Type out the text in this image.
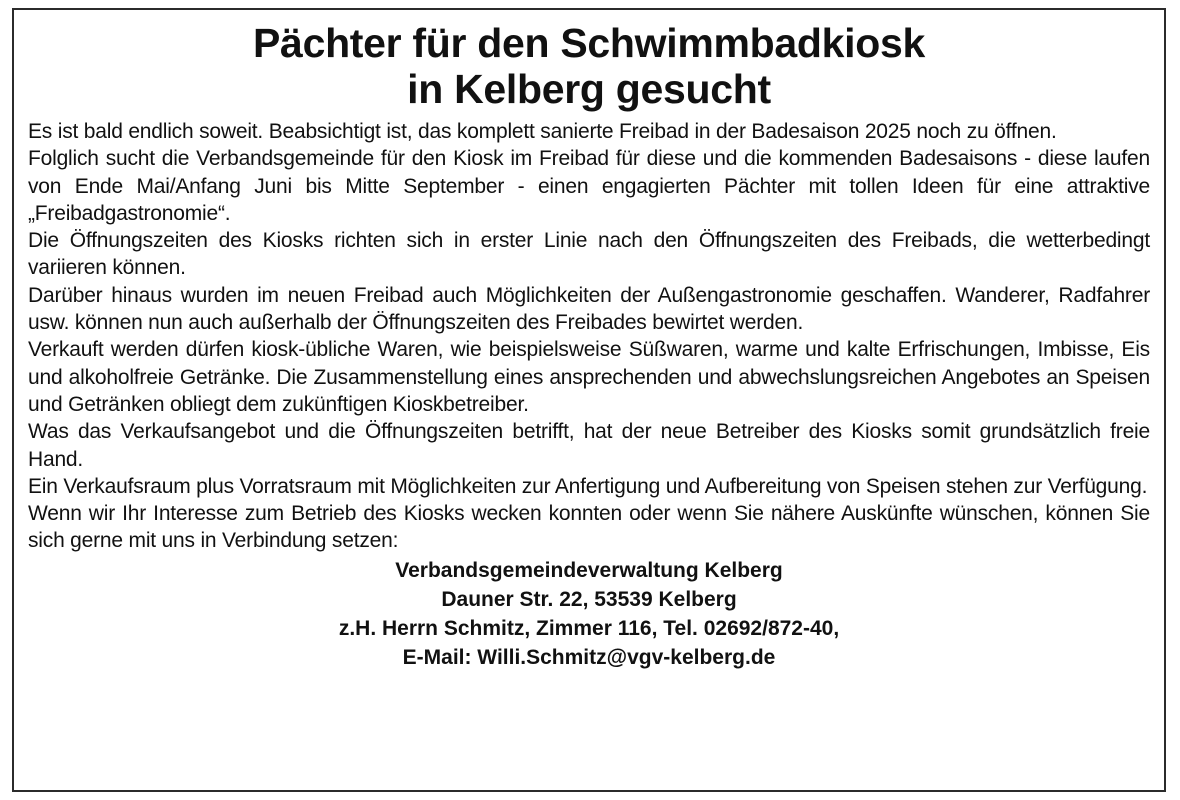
Pächter für den Schwimmbadkiosk
in Kelberg gesucht

Es ist bald endlich soweit. Beabsichtigt ist, das komplett sanierte Freibad in der Badesaison 2025 noch zu öffnen.

Folglich sucht die Verbandsgemeinde für den Kiosk im Freibad für diese und die kommenden Badesaisons - diese laufen von Ende Mai/Anfang Juni bis Mitte September - einen engagierten Pächter mit tollen Ideen für eine attraktive „Freibadgastronomie“.

Die Öffnungszeiten des Kiosks richten sich in erster Linie nach den Öffnungszeiten des Freibads, die wetterbedingt variieren können.

Darüber hinaus wurden im neuen Freibad auch Möglichkeiten der Außengastronomie geschaffen. Wanderer, Radfahrer usw. können nun auch außerhalb der Öffnungszeiten des Freibades bewirtet werden.

Verkauft werden dürfen kiosk-übliche Waren, wie beispielsweise Süßwaren, warme und kalte Erfrischungen, Imbisse, Eis und alkoholfreie Getränke. Die Zusammenstellung eines ansprechenden und abwechslungsreichen Angebotes an Speisen und Getränken obliegt dem zukünftigen Kioskbetreiber.

Was das Verkaufsangebot und die Öffnungszeiten betrifft, hat der neue Betreiber des Kiosks somit grundsätzlich freie Hand.

Ein Verkaufsraum plus Vorratsraum mit Möglichkeiten zur Anfertigung und Aufbereitung von Speisen stehen zur Verfügung.

Wenn wir Ihr Interesse zum Betrieb des Kiosks wecken konnten oder wenn Sie nähere Auskünfte wünschen, können Sie sich gerne mit uns in Verbindung setzen:

Verbandsgemeindeverwaltung Kelberg
Dauner Str. 22, 53539 Kelberg
z.H. Herrn Schmitz, Zimmer 116, Tel. 02692/872-40,
E-Mail: Willi.Schmitz@vgv-kelberg.de
